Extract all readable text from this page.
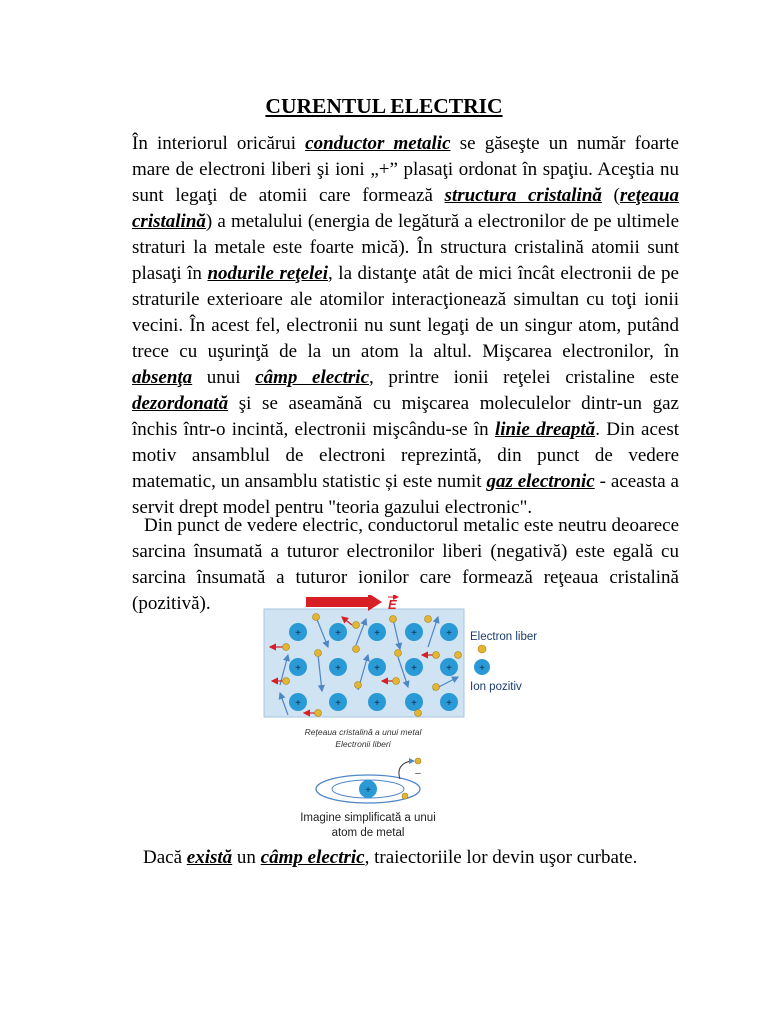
CURENTUL ELECTRIC
În interiorul oricărui conductor metalic se găseşte un număr foarte mare de electroni liberi şi ioni „+” plasaţi ordonat în spaţiu. Aceştia nu sunt legaţi de atomii care formează structura cristalină (reţeaua cristalină) a metalului (energia de legătură a electronilor de pe ultimele straturi la metale este foarte mică). În structura cristalină atomii sunt plasaţi în nodurile reţelei, la distanţe atât de mici încât electronii de pe straturile exterioare ale atomilor interacţionează simultan cu toţi ionii vecini. În acest fel, electronii nu sunt legaţi de un singur atom, putând trece cu uşurinţă de la un atom la altul. Mişcarea electronilor, în absenţa unui câmp electric, printre ionii reţelei cristaline este dezordonată şi se aseamănă cu mişcarea moleculelor dintr-un gaz închis într-o incintă, electronii mişcându-se în linie dreaptă. Din acest motiv ansamblul de electroni reprezintă, din punct de vedere matematic, un ansamblu statistic și este numit gaz electronic - aceasta a servit drept model pentru "teoria gazului electronic".
Din punct de vedere electric, conductorul metalic este neutru deoarece sarcina însumată a tuturor electronilor liberi (negativă) este egală cu sarcina însumată a tuturor ionilor care formează reţeaua cristalină (pozitivă).	E
+	+	+	+	+
+	+	+	+	+
+	+	+	+	+
Electron liber
+
Ion pozitiv
Reţeaua cristalină a unui metal
Electronii liberi
+
–
Imagine simplificată a unui
atom de metal
Dacă există un câmp electric, traiectoriile lor devin uşor curbate.
